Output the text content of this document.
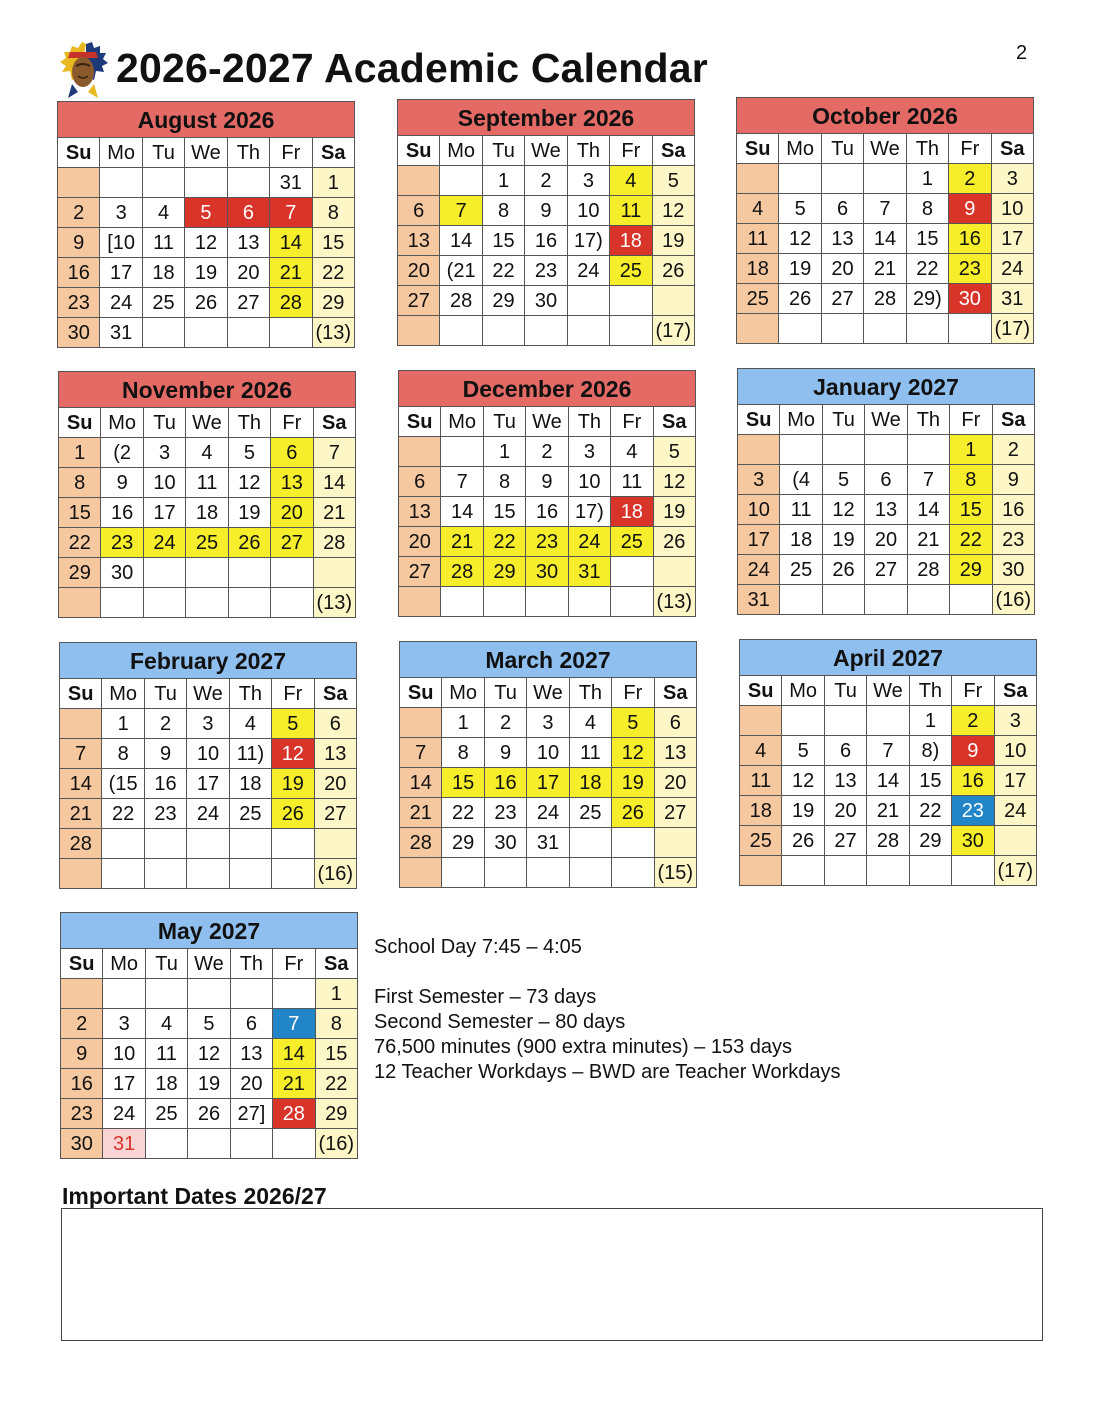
2026-2027 Academic Calendar	2
August 2026						
Su	Mo	Tu	We	Th	Fr	Sa
					31	1
2	3	4	5	6	7	8
9	[10	11	12	13	14	15
16	17	18	19	20	21	22
23	24	25	26	27	28	29
30	31					(13)
September 2026						
Su	Mo	Tu	We	Th	Fr	Sa
		1	2	3	4	5
6	7	8	9	10	11	12
13	14	15	16	17)	18	19
20	(21	22	23	24	25	26
27	28	29	30			
						(17)
October 2026						
Su	Mo	Tu	We	Th	Fr	Sa
				1	2	3
4	5	6	7	8	9	10
11	12	13	14	15	16	17
18	19	20	21	22	23	24
25	26	27	28	29)	30	31
						(17)
November 2026						
Su	Mo	Tu	We	Th	Fr	Sa
1	(2	3	4	5	6	7
8	9	10	11	12	13	14
15	16	17	18	19	20	21
22	23	24	25	26	27	28
29	30					
						(13)
December 2026						
Su	Mo	Tu	We	Th	Fr	Sa
		1	2	3	4	5
6	7	8	9	10	11	12
13	14	15	16	17)	18	19
20	21	22	23	24	25	26
27	28	29	30	31		
						(13)
January 2027						
Su	Mo	Tu	We	Th	Fr	Sa
					1	2
3	(4	5	6	7	8	9
10	11	12	13	14	15	16
17	18	19	20	21	22	23
24	25	26	27	28	29	30
31						(16)
February 2027						
Su	Mo	Tu	We	Th	Fr	Sa
	1	2	3	4	5	6
7	8	9	10	11)	12	13
14	(15	16	17	18	19	20
21	22	23	24	25	26	27
28						
						(16)
March 2027						
Su	Mo	Tu	We	Th	Fr	Sa
	1	2	3	4	5	6
7	8	9	10	11	12	13
14	15	16	17	18	19	20
21	22	23	24	25	26	27
28	29	30	31			
						(15)
April 2027						
Su	Mo	Tu	We	Th	Fr	Sa
				1	2	3
4	5	6	7	8)	9	10
11	12	13	14	15	16	17
18	19	20	21	22	23	24
25	26	27	28	29	30	
						(17)
May 2027						
Su	Mo	Tu	We	Th	Fr	Sa
						1
2	3	4	5	6	7	8
9	10	11	12	13	14	15
16	17	18	19	20	21	22
23	24	25	26	27]	28	29
30	31					(16)
School Day 7:45 – 4:05

First Semester – 73 days
Second Semester – 80 days
76,500 minutes (900 extra minutes) – 153 days
12 Teacher Workdays – BWD are Teacher Workdays
Important Dates 2026/27
